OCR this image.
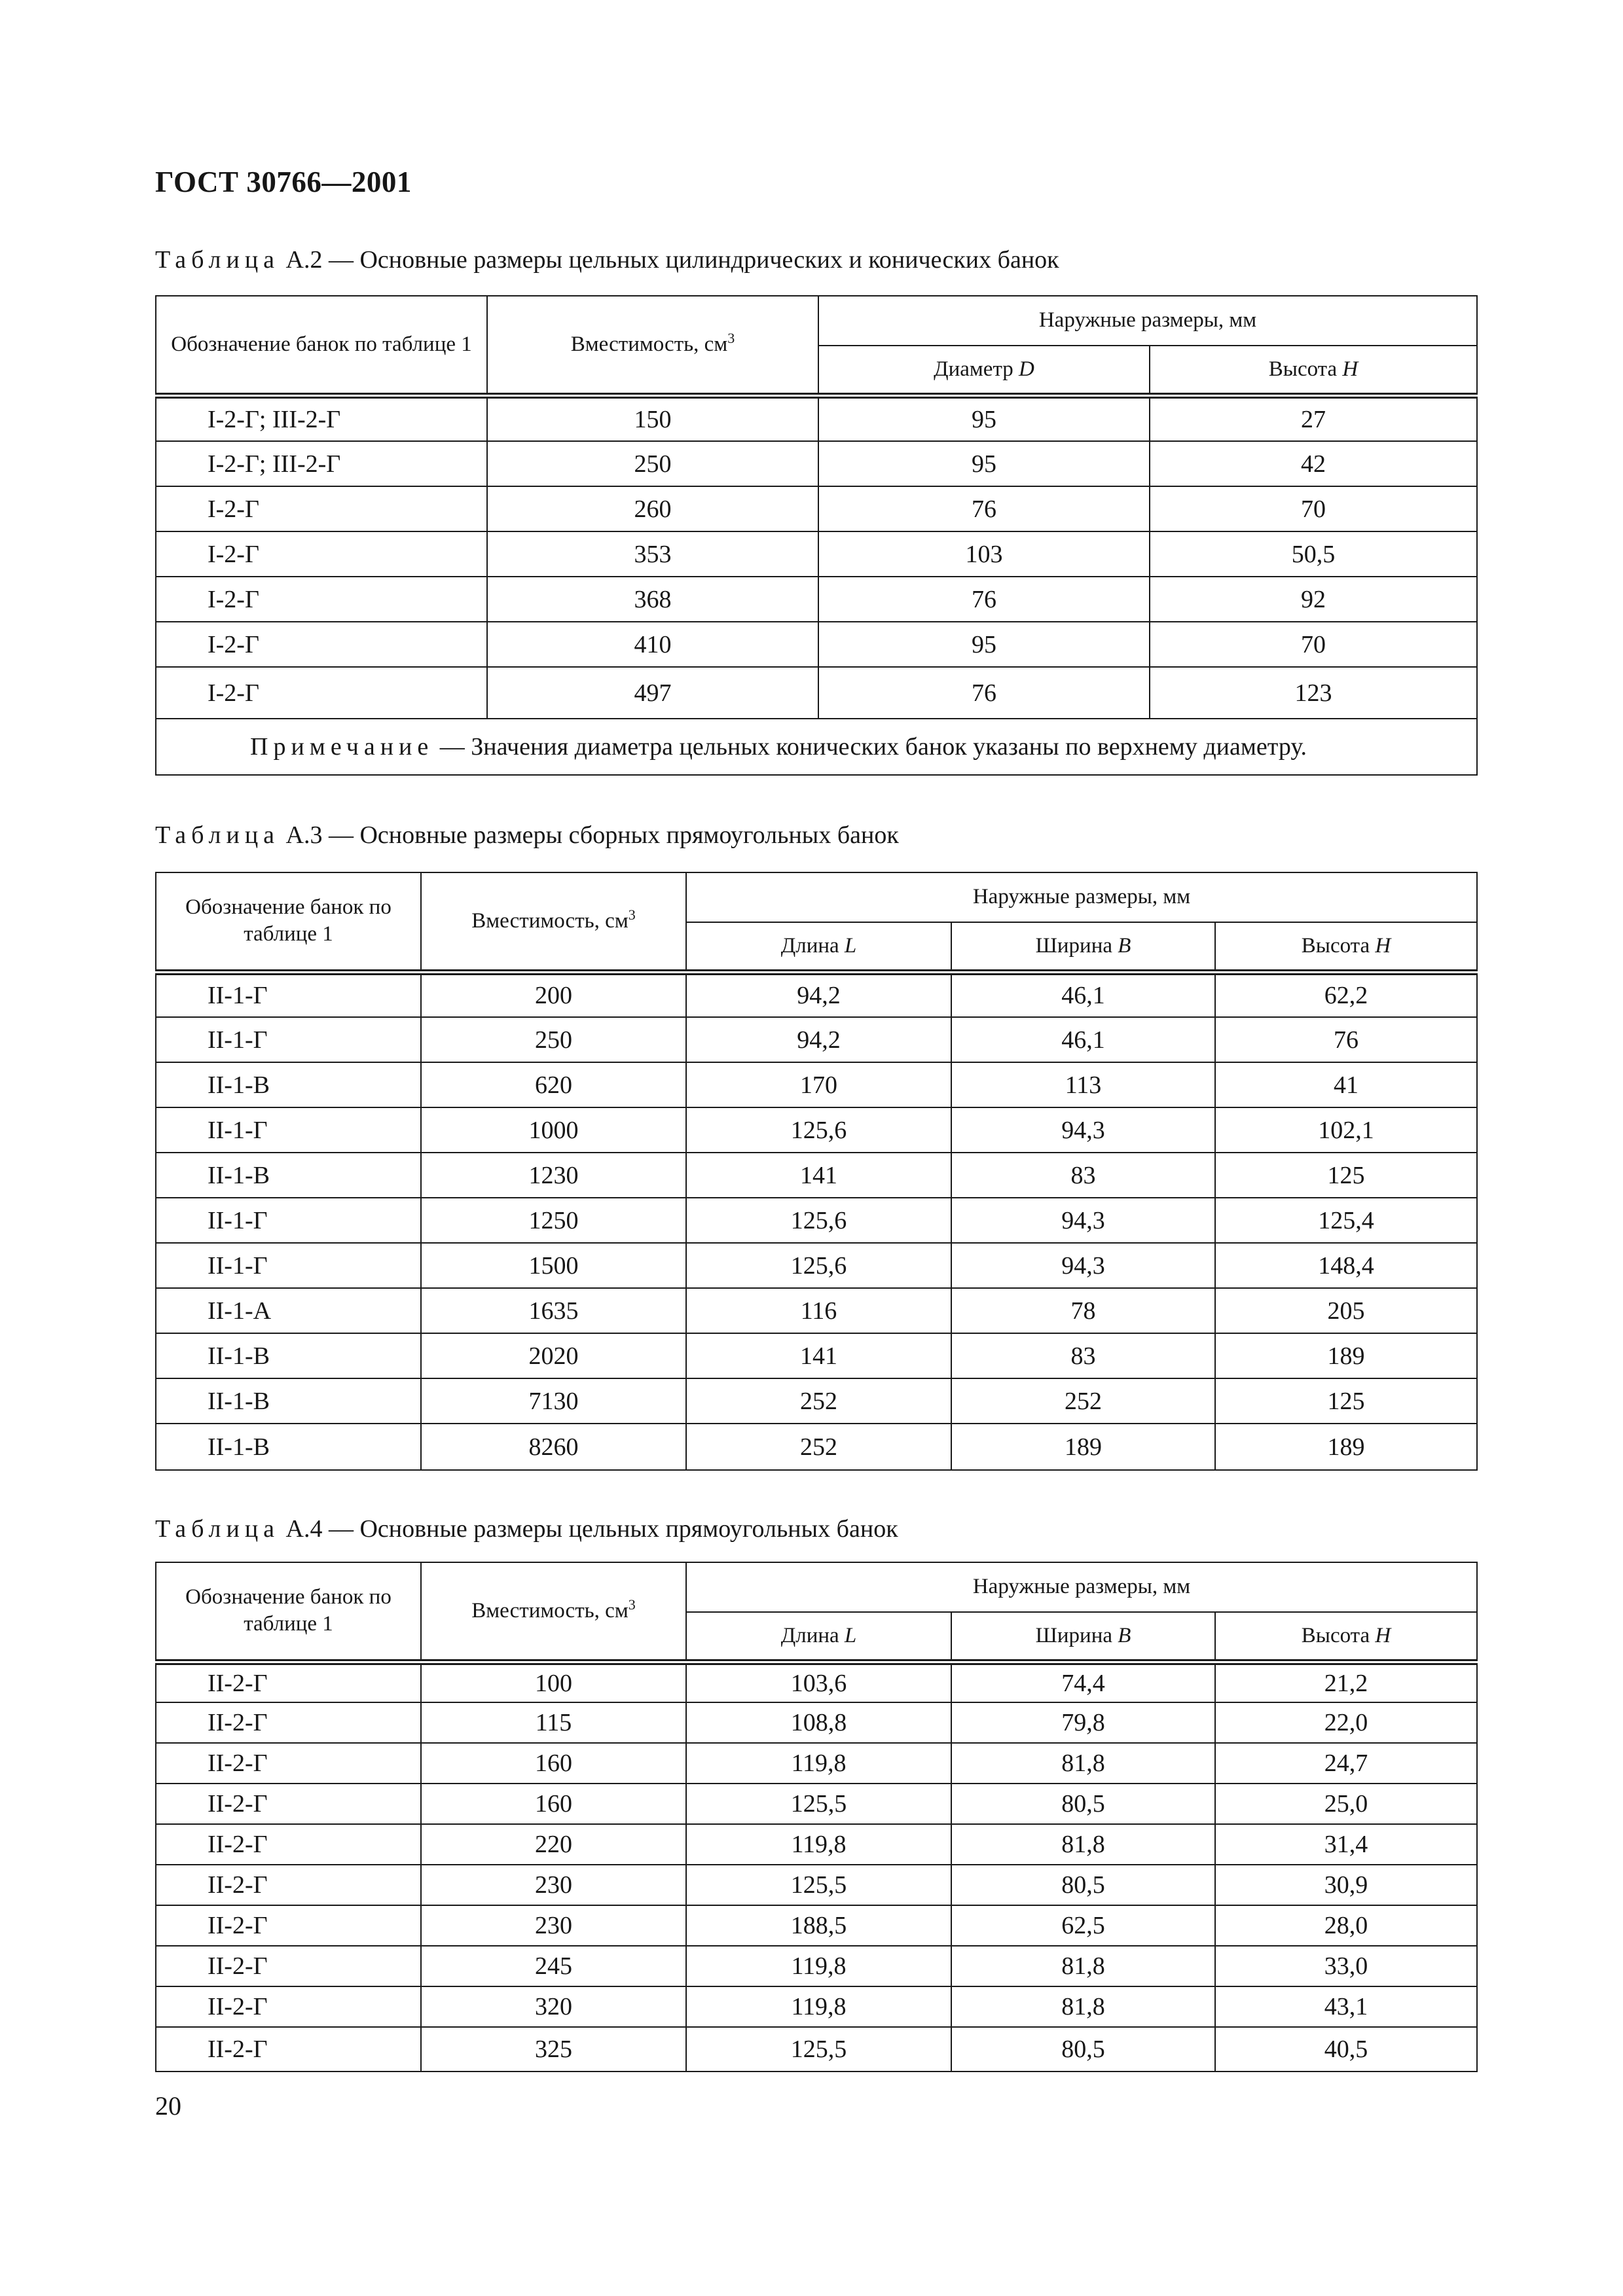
ГОСТ 30766—2001
Таблица А.2 — Основные размеры цельных цилиндрических и конических банок
Обозначение банок по таблице 1	Вместимость, $см^3$	Наружные размеры, мм	
		Диаметр D	Высота H
I-2-Г; III-2-Г	150	95	27
I-2-Г; III-2-Г	250	95	42
I-2-Г	260	76	70
I-2-Г	353	103	50,5
I-2-Г	368	76	92
I-2-Г	410	95	70
I-2-Г	497	76	123
Примечание — Значения диаметра цельных конических банок указаны по верхнему диаметру.			
Таблица А.3 — Основные размеры сборных прямоугольных банок
Обозначение банок по таблице 1	Вместимость, $см^3$	Наружные размеры, мм		
		Длина L	Ширина B	Высота H
II-1-Г	200	94,2	46,1	62,2
II-1-Г	250	94,2	46,1	76
II-1-В	620	170	113	41
II-1-Г	1000	125,6	94,3	102,1
II-1-В	1230	141	83	125
II-1-Г	1250	125,6	94,3	125,4
II-1-Г	1500	125,6	94,3	148,4
II-1-А	1635	116	78	205
II-1-В	2020	141	83	189
II-1-В	7130	252	252	125
II-1-В	8260	252	189	189
Таблица А.4 — Основные размеры цельных прямоугольных банок
Обозначение банок по таблице 1	Вместимость, $см^3$	Наружные размеры, мм		
		Длина L	Ширина B	Высота H
II-2-Г	100	103,6	74,4	21,2
II-2-Г	115	108,8	79,8	22,0
II-2-Г	160	119,8	81,8	24,7
II-2-Г	160	125,5	80,5	25,0
II-2-Г	220	119,8	81,8	31,4
II-2-Г	230	125,5	80,5	30,9
II-2-Г	230	188,5	62,5	28,0
II-2-Г	245	119,8	81,8	33,0
II-2-Г	320	119,8	81,8	43,1
II-2-Г	325	125,5	80,5	40,5
20
